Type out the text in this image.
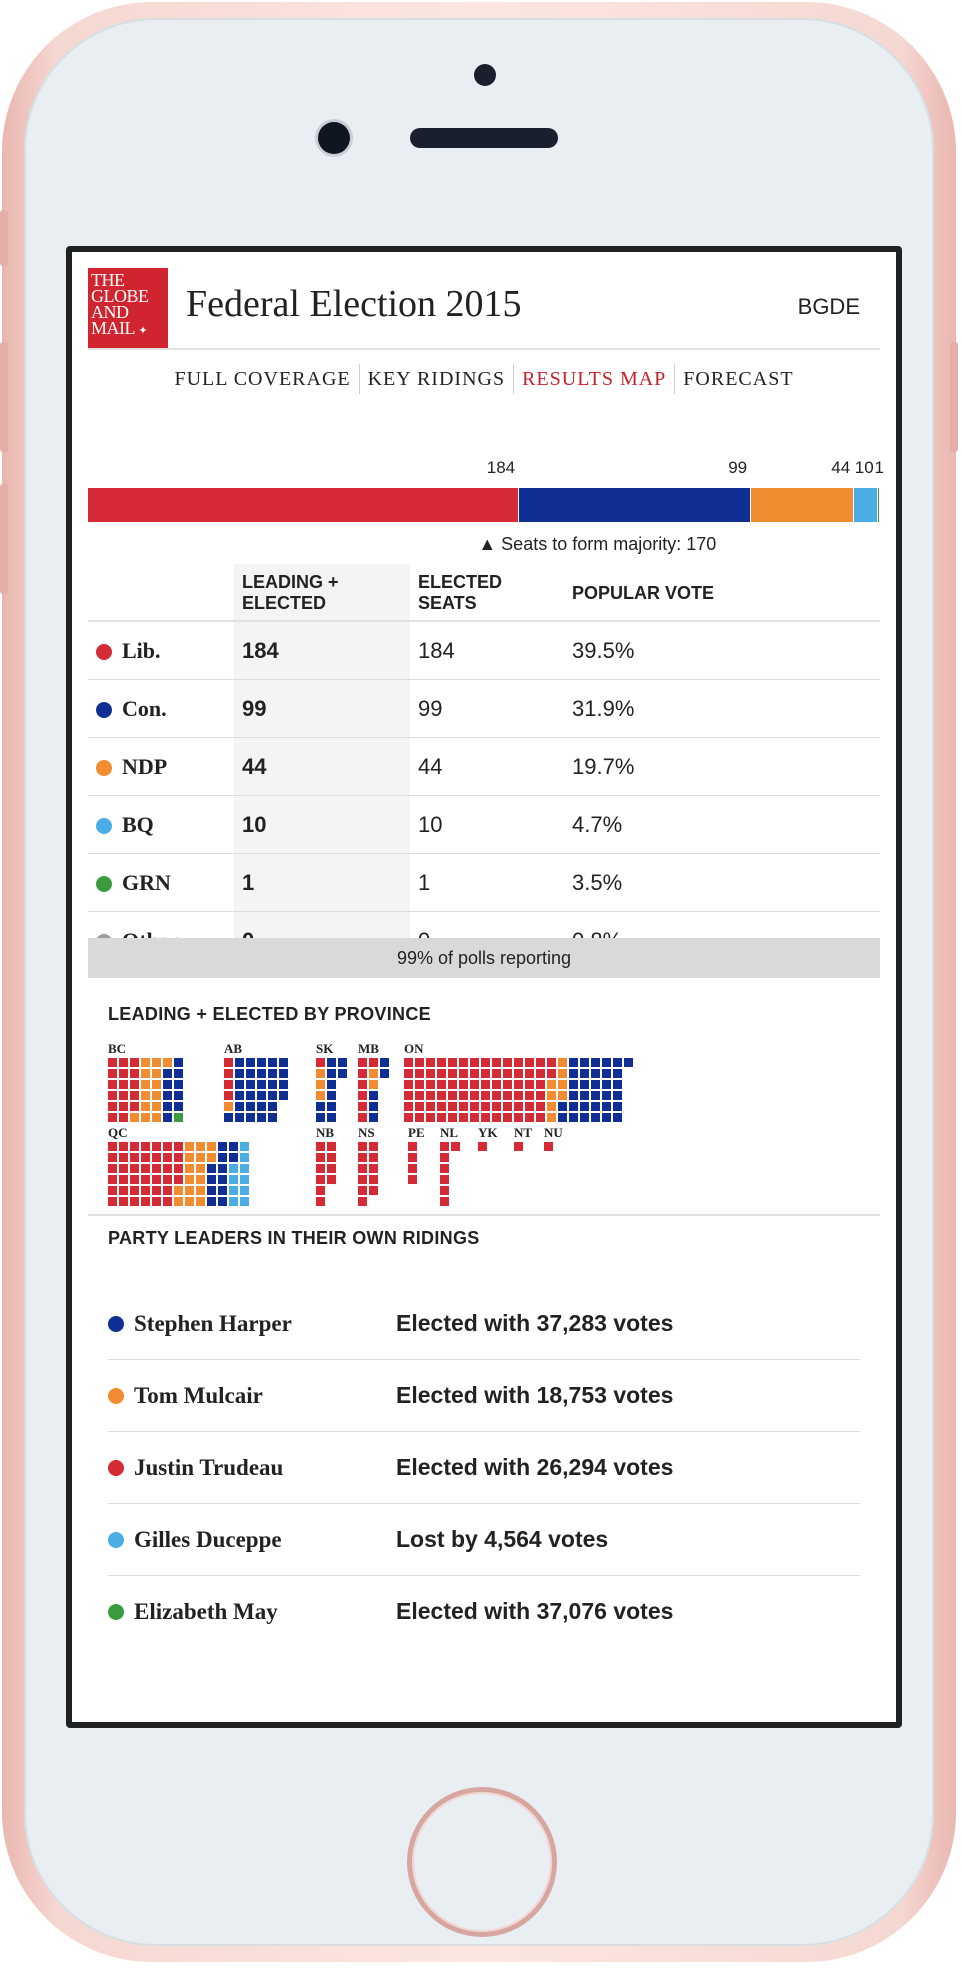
THE
GLOBE
AND
MAIL ✦
Federal Election 2015	BGDE
FULL COVERAGE KEY RIDINGS RESULTS MAP FORECAST
184	99	44 10 1
▲ Seats to form majority: 170
	LEADING + ELECTED	ELECTED SEATS	POPULAR VOTE
Lib.	184	184	39.5%
Con.	99	99	31.9%
NDP	44	44	19.7%
BQ	10	10	4.7%
GRN	1	1	3.5%

99% of polls reporting
LEADING + ELECTED BY PROVINCE
BC	AB	SK	MB	ON
QC	NB NS	PE NL YK NT NU
PARTY LEADERS IN THEIR OWN RIDINGS
Stephen Harper	Elected with 37,283 votes
Tom Mulcair	Elected with 18,753 votes
Justin Trudeau	Elected with 26,294 votes
Gilles Duceppe	Lost by 4,564 votes
Elizabeth May	Elected with 37,076 votes
